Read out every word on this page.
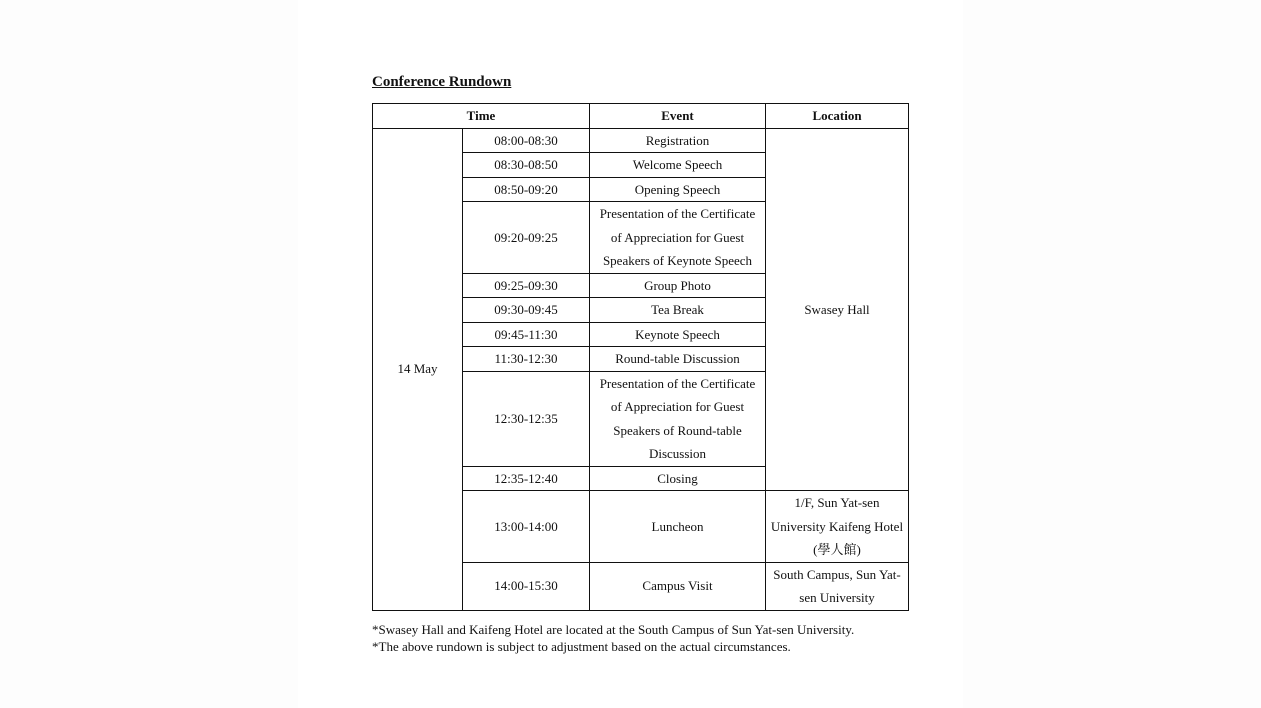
Conference Rundown
Time		Event	Location
14 May	08:00-08:30	Registration	Swasey Hall
	08:30-08:50	Welcome Speech	
	08:50-09:20	Opening Speech	
	09:20-09:25	Presentation of the Certificate of Appreciation for Guest Speakers of Keynote Speech	
	09:25-09:30	Group Photo	
	09:30-09:45	Tea Break	
	09:45-11:30	Keynote Speech	
	11:30-12:30	Round-table Discussion	
	12:30-12:35	Presentation of the Certificate of Appreciation for Guest Speakers of Round-table Discussion	
	12:35-12:40	Closing	
	13:00-14:00	Luncheon	1/F, Sun Yat-sen University Kaifeng Hotel (學人館)
	14:00-15:30	Campus Visit	South Campus, Sun Yat-sen University
*Swasey Hall and Kaifeng Hotel are located at the South Campus of Sun Yat-sen University.
*The above rundown is subject to adjustment based on the actual circumstances.
